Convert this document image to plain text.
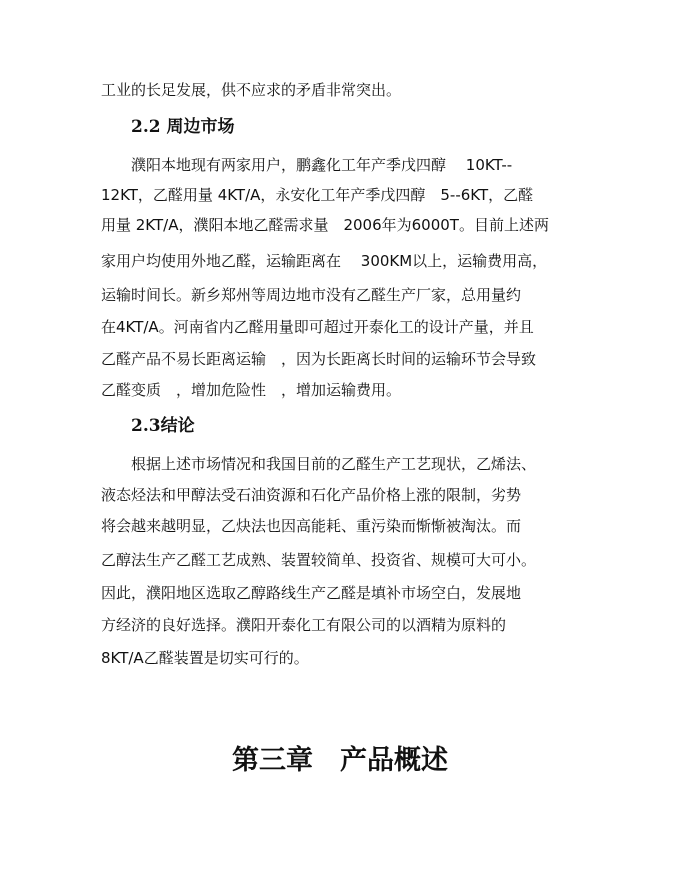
工业的长足发展，供不应求的矛盾非常突出。

2.2 周边市场

濮阳本地现有两家用户，鹏鑫化工年产季戊四醇　 10KT--

12KT，乙醛用量 4KT/A，永安化工年产季戊四醇　5--6KT，乙醛

用量 2KT/A，濮阳本地乙醛需求量　2006年为6000T。目前上述两

家用户均使用外地乙醛，运输距离在　 300KM以上，运输费用高，

运输时间长。新乡郑州等周边地市没有乙醛生产厂家，总用量约

在4KT/A。河南省内乙醛用量即可超过开泰化工的设计产量，并且

乙醛产品不易长距离运输　，因为长距离长时间的运输环节会导致

乙醛变质　，增加危险性　，增加运输费用。

2.3结论

根据上述市场情况和我国目前的乙醛生产工艺现状，乙烯法、

液态烃法和甲醇法受石油资源和石化产品价格上涨的限制，劣势

将会越来越明显，乙炔法也因高能耗、重污染而惭惭被淘汰。而

乙醇法生产乙醛工艺成熟、装置较简单、投资省、规模可大可小。

因此，濮阳地区选取乙醇路线生产乙醛是填补市场空白，发展地

方经济的良好选择。濮阳开泰化工有限公司的以酒精为原料的

8KT/A乙醛装置是切实可行的。

第三章　产品概述
